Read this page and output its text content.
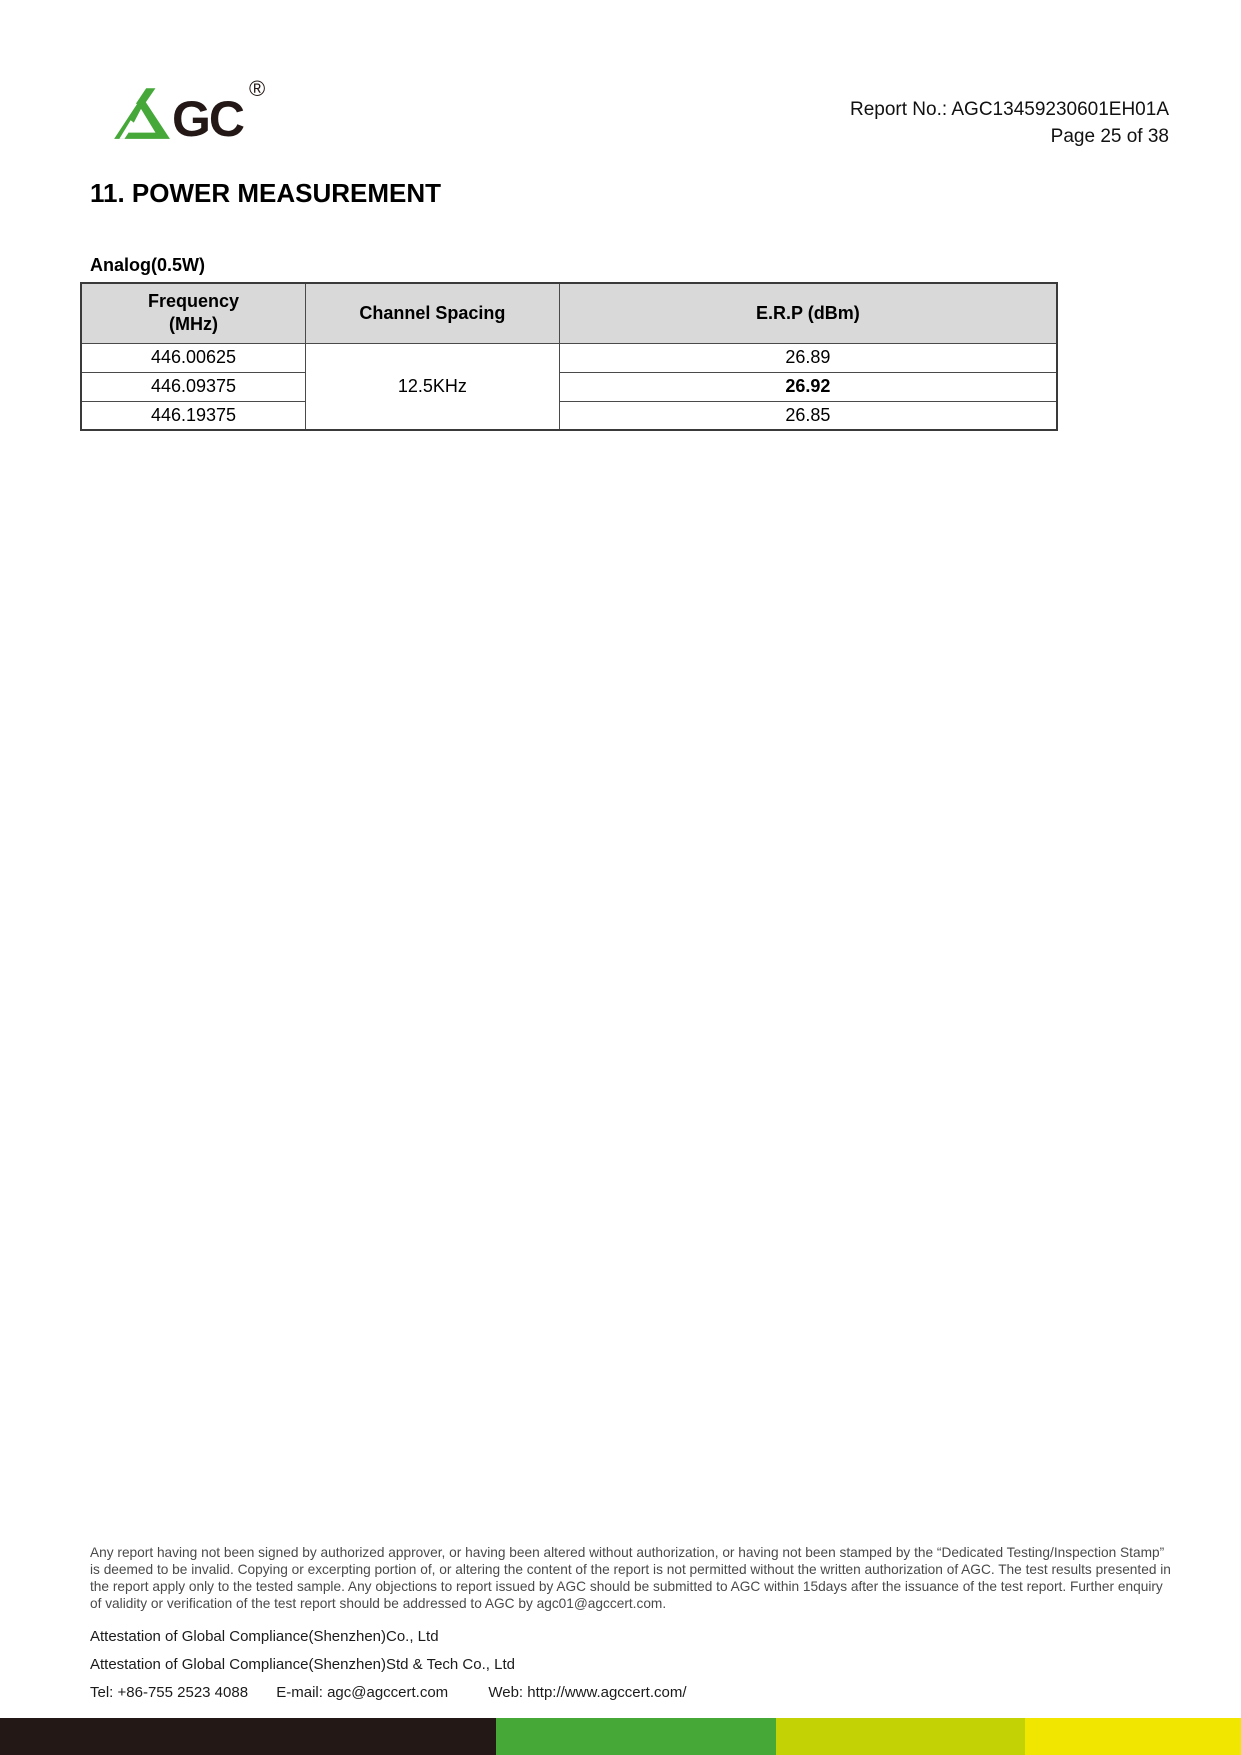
GC
®
Report No.: AGC13459230601EH01A
Page 25 of 38
11. POWER MEASUREMENT
Analog(0.5W)
Frequency
(MHz)	Channel Spacing	E.R.P (dBm)
446.00625	12.5KHz	26.89
446.09375		26.92
446.19375		26.85

Any report having not been signed by authorized approver, or having been altered without authorization, or having not been stamped by the “Dedicated Testing/Inspection Stamp” is deemed to be invalid. Copying or excerpting portion of, or altering the content of the report is not permitted without the written authorization of AGC. The test results presented in the report apply only to the tested sample. Any objections to report issued by AGC should be submitted to AGC within 15days after the issuance of the test report. Further enquiry of validity or verification of the test report should be addressed to AGC by agc01@agccert.com.

Attestation of Global Compliance(Shenzhen)Co., Ltd
Attestation of Global Compliance(Shenzhen)Std & Tech Co., Ltd
Tel: +86-755 2523 4088 E-mail: agc@agccert.com	Web: http://www.agccert.com/
